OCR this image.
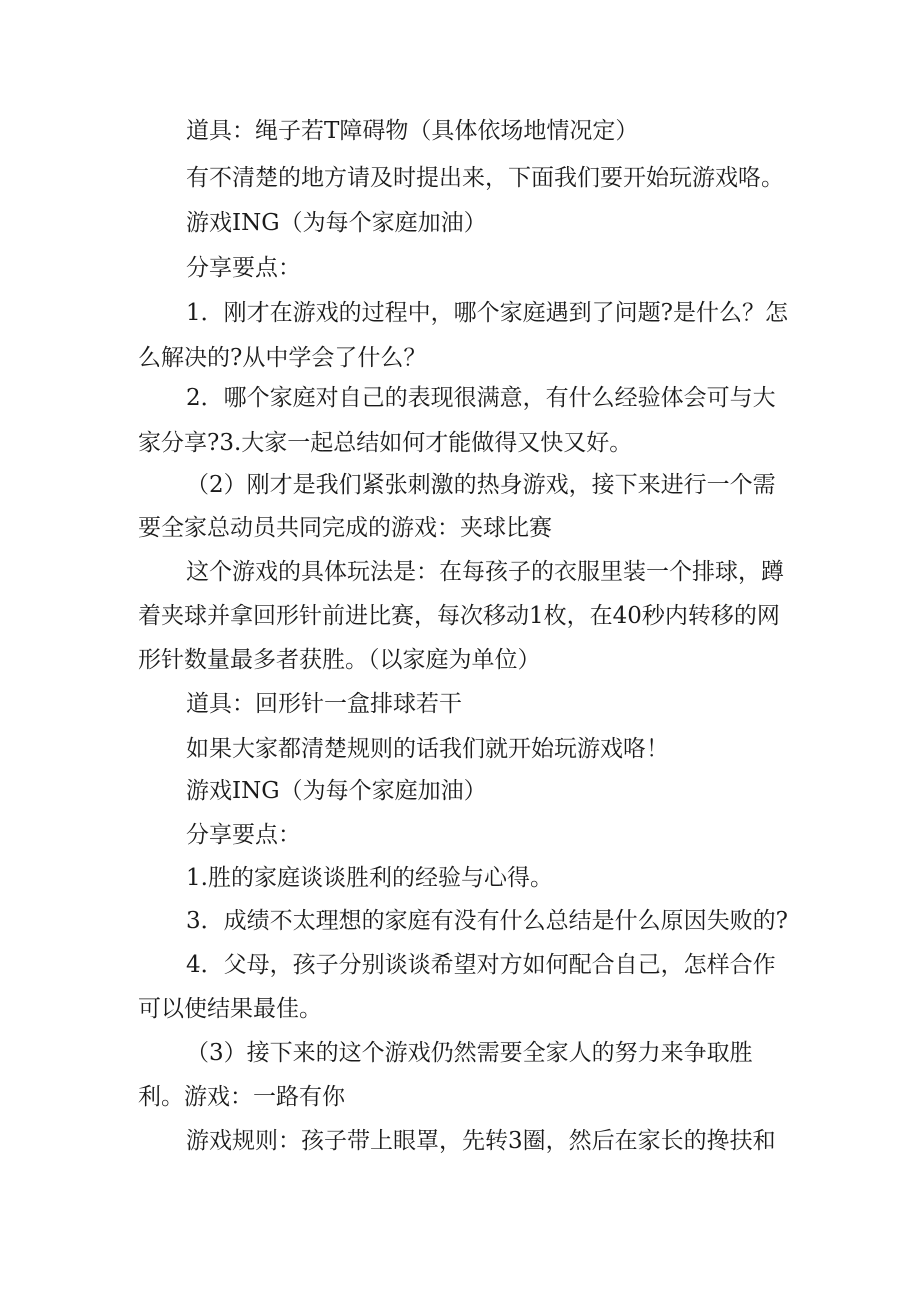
道具：绳子若T障碍物（具体依场地情况定）
有不清楚的地方请及时提出来，下面我们要开始玩游戏咯。
游戏ING（为每个家庭加油）
分享要点：
1．刚才在游戏的过程中，哪个家庭遇到了问题?是什么？怎
么解决的?从中学会了什么？
2．哪个家庭对自己的表现很满意，有什么经验体会可与大
家分享?3.大家一起总结如何才能做得又快又好。
（2）刚才是我们紧张刺激的热身游戏，接下来进行一个需
要全家总动员共同完成的游戏：夹球比赛
这个游戏的具体玩法是：在每孩子的衣服里装一个排球，蹲
着夹球并拿回形针前进比赛，每次移动1枚，在40秒内转移的网
形针数量最多者获胜。（以家庭为单位）
道具：回形针一盒排球若干
如果大家都清楚规则的话我们就开始玩游戏咯！
游戏ING（为每个家庭加油）
分享要点：
1.胜的家庭谈谈胜利的经验与心得。
3．成绩不太理想的家庭有没有什么总结是什么原因失败的?
4．父母，孩子分别谈谈希望对方如何配合自己，怎样合作
可以使结果最佳。
（3）接下来的这个游戏仍然需要全家人的努力来争取胜
利。游戏：一路有你
游戏规则：孩子带上眼罩，先转3圈，然后在家长的搀扶和
